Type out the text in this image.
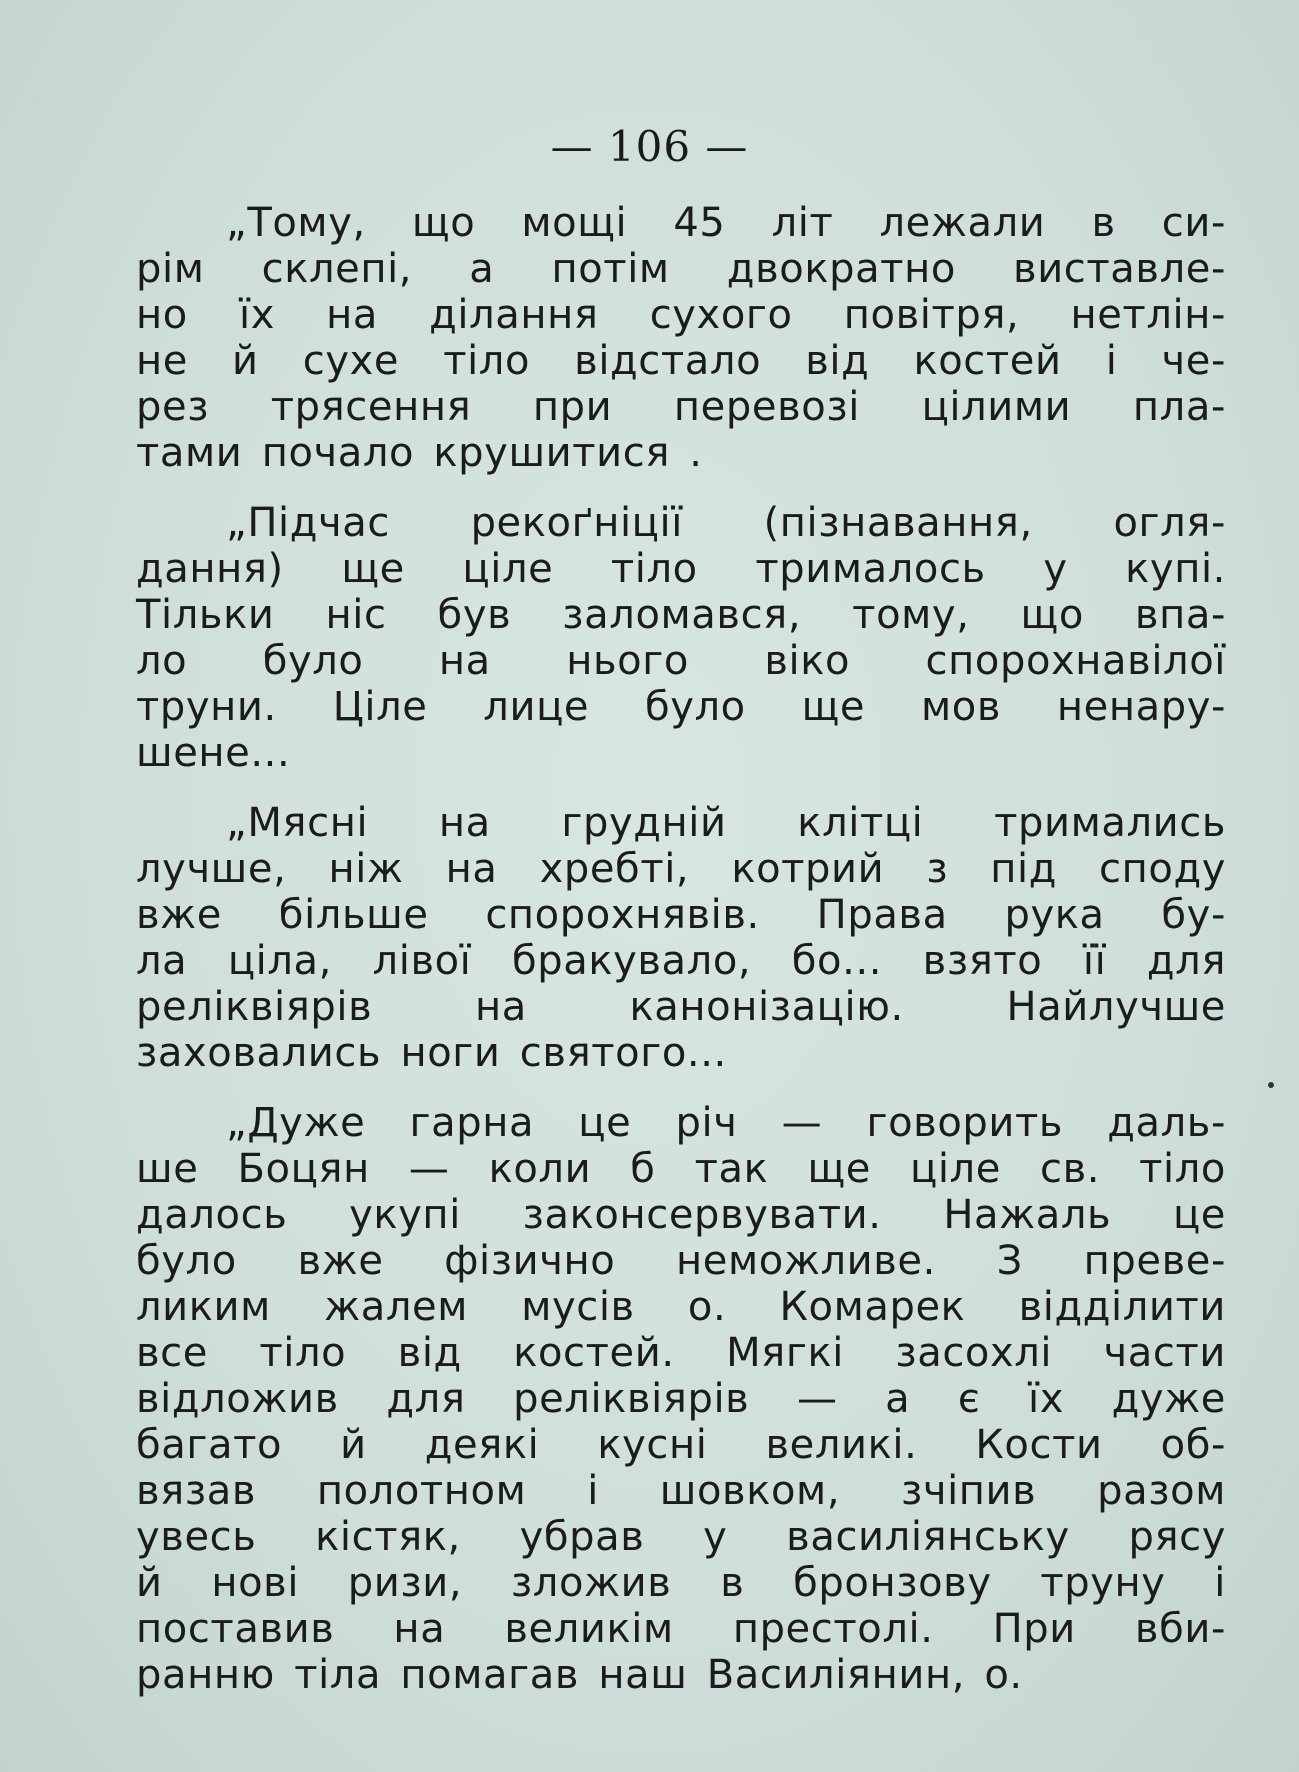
— 106 —
„Тому, що мощі 45 літ лежали в си-
рім склепі, а потім двократно виставле-
но їх на ділання сухого повітря, нетлін-
не й сухе тіло відстало від костей і че-
рез трясення при перевозі цілими пла-
тами почало крушитися .
„Підчас рекоґніції (пізнавання, огля-
дання) ще ціле тіло трималось у купі.
Тільки ніс був заломався, тому, що впа-
ло було на нього віко спорохнавілої
труни. Ціле лице було ще мов ненару-
шене...
„Мясні на грудній клітці тримались
лучше, ніж на хребті, котрий з під споду
вже більше спорохнявів. Права рука бу-
ла ціла, лівої бракувало, бо... взято її для
реліквіярів на канонізацію. Найлучше
заховались ноги святого...
„Дуже гарна це річ — говорить даль-
ше Боцян — коли б так ще ціле св. тіло
далось укупі законсервувати. Нажаль це
було вже фізично неможливе. З преве-
ликим жалем мусів о. Комарек відділити
все тіло від костей. Мягкі засохлі части
відложив для реліквіярів — а є їх дуже
багато й деякі кусні великі. Кости об-
вязав полотном і шовком, зчіпив разом
увесь кістяк, убрав у василіянську рясу
й нові ризи, зложив в бронзову труну і
поставив на великім престолі. При вби-
ранню тіла помагав наш Василіянин, о.
